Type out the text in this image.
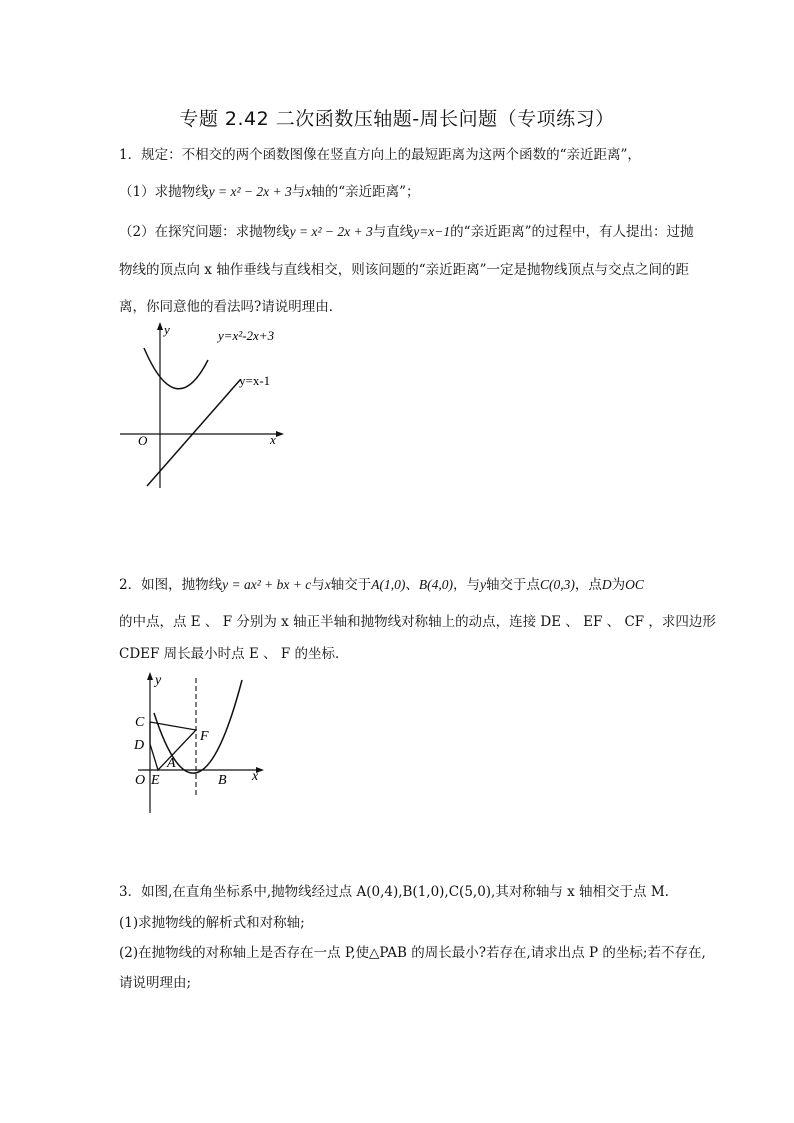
专题 2.42 二次函数压轴题-周长问题（专项练习）
1．规定：不相交的两个函数图像在竖直方向上的最短距离为这两个函数的“亲近距离”，
（1）求抛物线y = x² − 2x + 3与x轴的“亲近距离”；
（2）在探究问题：求抛物线y = x² − 2x + 3与直线y=x−1的“亲近距离”的过程中，有人提出：过抛
物线的顶点向 x 轴作垂线与直线相交，则该问题的“亲近距离”一定是抛物线顶点与交点之间的距
离，你同意他的看法吗?请说明理由．
y=x²-2x+3
y=x-1
y
x
O
2．如图，抛物线y = ax² + bx + c与x轴交于A(1,0)、B(4,0)，与y轴交于点C(0,3)，点D为OC
的中点，点 E 、 F 分别为 x 轴正半轴和抛物线对称轴上的动点，连接 DE 、 EF 、 CF ，求四边形
CDEF 周长最小时点 E 、 F 的坐标．
C
D
F
A
B
O E	x
y
3．如图,在直角坐标系中,抛物线经过点 A(0,4),B(1,0),C(5,0),其对称轴与 x 轴相交于点 M.
(1)求抛物线的解析式和对称轴;
(2)在抛物线的对称轴上是否存在一点 P,使△PAB 的周长最小?若存在,请求出点 P 的坐标;若不存在,
请说明理由;
